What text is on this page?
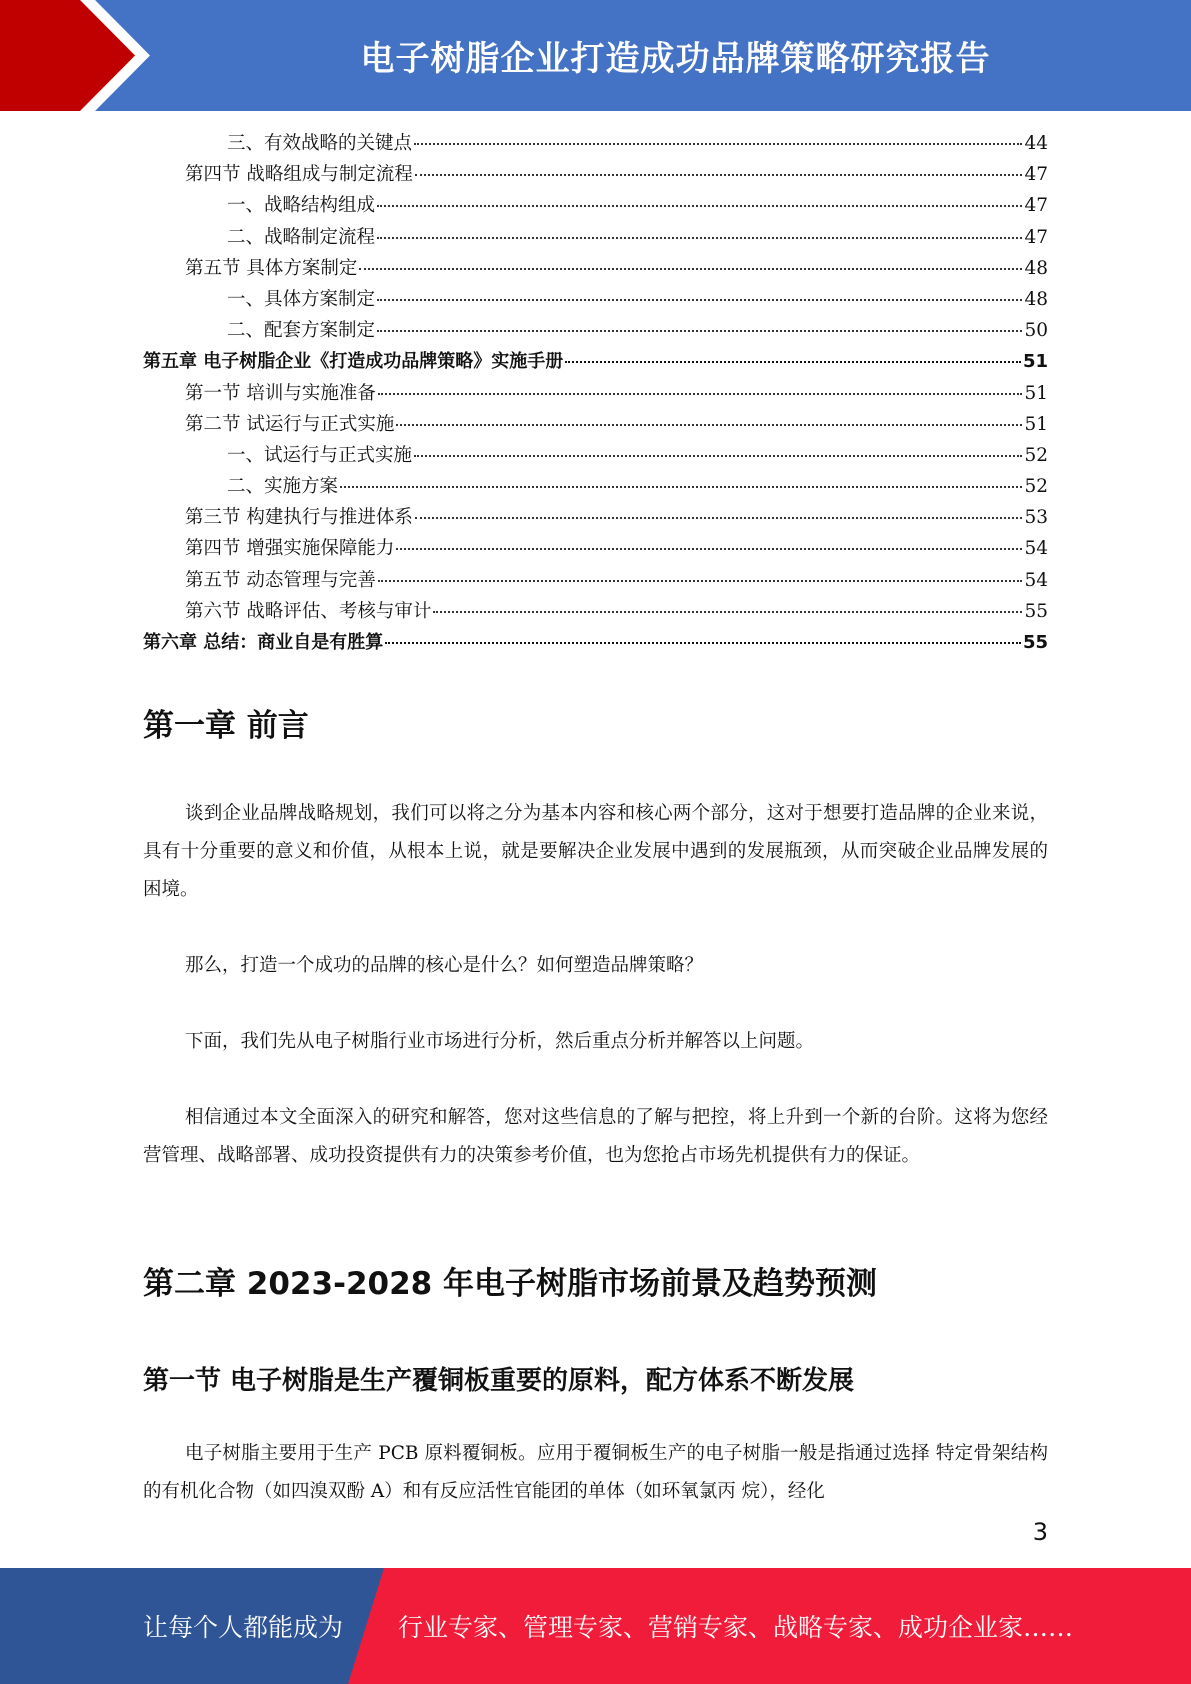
电子树脂企业打造成功品牌策略研究报告
三、有效战略的关键点	44
第四节 战略组成与制定流程	47
一、战略结构组成	47
二、战略制定流程	47
第五节 具体方案制定	48
一、具体方案制定	48
二、配套方案制定	50
第五章 电子树脂企业《打造成功品牌策略》实施手册	51
第一节 培训与实施准备	51
第二节 试运行与正式实施	51
一、试运行与正式实施	52
二、实施方案	52
第三节 构建执行与推进体系	53
第四节 增强实施保障能力	54
第五节 动态管理与完善	54
第六节 战略评估、考核与审计	55
第六章 总结：商业自是有胜算	55
第一章 前言

谈到企业品牌战略规划，我们可以将之分为基本内容和核心两个部分，这对于想要打造品牌的企业来说，具有十分重要的意义和价值，从根本上说，就是要解决企业发展中遇到的发展瓶颈，从而突破企业品牌发展的困境。

那么，打造一个成功的品牌的核心是什么？如何塑造品牌策略？

下面，我们先从电子树脂行业市场进行分析，然后重点分析并解答以上问题。

相信通过本文全面深入的研究和解答，您对这些信息的了解与把控，将上升到一个新的台阶。这将为您经营管理、战略部署、成功投资提供有力的决策参考价值，也为您抢占市场先机提供有力的保证。

第二章 2023-2028 年电子树脂市场前景及趋势预测
第一节 电子树脂是生产覆铜板重要的原料，配方体系不断发展

电子树脂主要用于生产 PCB 原料覆铜板。应用于覆铜板生产的电子树脂一般是指通过选择 特定骨架结构的有机化合物（如四溴双酚 A）和有反应活性官能团的单体（如环氧氯丙 烷），经化

3
让每个人都能成为 行业专家、管理专家、营销专家、战略专家、成功企业家……
